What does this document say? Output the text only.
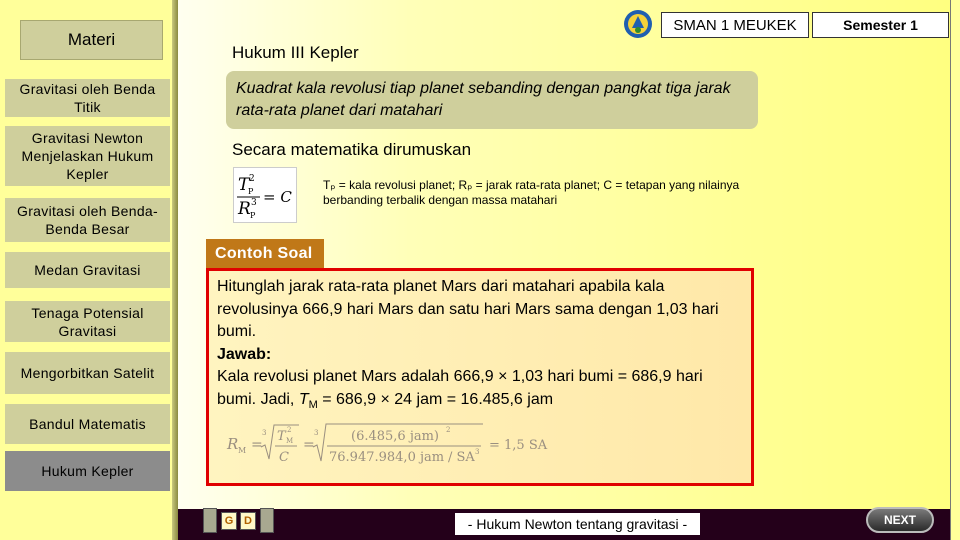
Materi
Gravitasi oleh Benda Titik
Gravitasi Newton Menjelaskan Hukum Kepler
Gravitasi oleh Benda-Benda Besar
Medan Gravitasi
Tenaga Potensial Gravitasi
Mengorbitkan Satelit
Bandul Matematis
Hukum Kepler
SMAN 1 MEUKEK	Semester 1
Hukum III Kepler
Kuadrat kala revolusi tiap planet sebanding dengan pangkat tiga jarak rata-rata planet dari matahari
Secara matematika dirumuskan
T
P
2
R P
3 = C
Tₚ = kala revolusi planet; Rₚ = jarak rata-rata planet; C = tetapan yang nilainya berbanding terbalik dengan massa matahari
Contoh Soal
Hitunglah jarak rata-rata planet Mars dari matahari apabila kala revolusinya 666,9 hari Mars dan satu hari Mars sama dengan 1,03 hari bumi.
Jawab:
Kala revolusi planet Mars adalah 666,9 × 1,03 hari bumi = 686,9 hari bumi. Jadi, $T_M = 686,9 \times 24$ jam = 16.485,6 jam
R M =
3 T M
2
C
=
3	(6.485,6 jam) 2
76.947.984,0 jam / SA 3 = 1,5 SA
G D	- Hukum Newton tentang gravitasi -	NEXT
